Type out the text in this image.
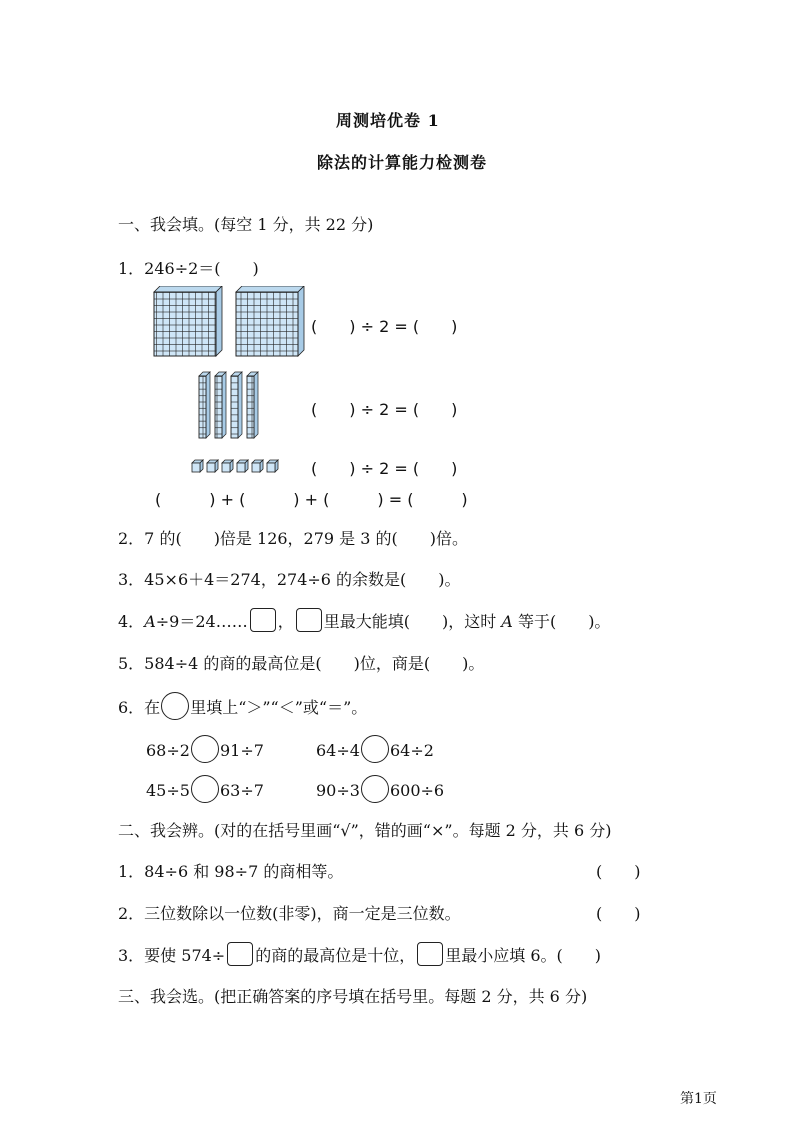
周测培优卷 1
除法的计算能力检测卷
一、我会填。(每空 1 分，共 22 分)
1．246÷2＝(　　)
(　　) ÷ 2 = (　　)
(　　) ÷ 2 = (　　)
(　　) ÷ 2 = (　　)
(　　　) + (　　　) + (　　　) = (　　　)
2．7 的(　　)倍是 126，279 是 3 的(　　)倍。
3．45×6＋4＝274，274÷6 的余数是(　　)。
4．A÷9＝24…… ， 里最大能填(　　)，这时 A 等于(　　)。
5．584÷4 的商的最高位是(　　)位，商是(　　)。
6．在 里填上“＞”“＜”或“＝”。
68÷2 91÷7	64÷4 64÷2
45÷5 63÷7	90÷3 600÷6
二、我会辨。(对的在括号里画“√”，错的画“×”。每题 2 分，共 6 分)
1．84÷6 和 98÷7 的商相等。	(　　)
2．三位数除以一位数(非零)，商一定是三位数。	(　　)
3．要使 574÷ 的商的最高位是十位， 里最小应填 6。(　　)
三、我会选。(把正确答案的序号填在括号里。每题 2 分，共 6 分)
第1页
